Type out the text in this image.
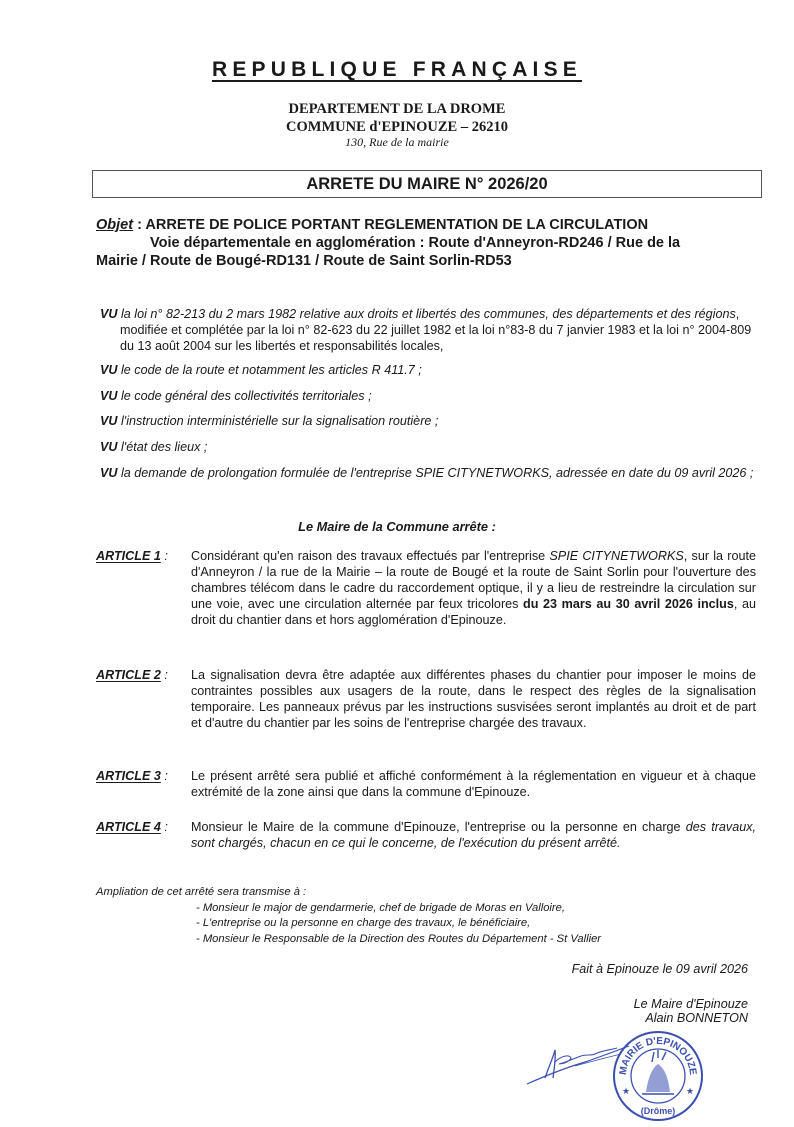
REPUBLIQUE FRANÇAISE
DEPARTEMENT DE LA DROME
COMMUNE d'EPINOUZE – 26210
130, Rue de la mairie
ARRETE DU MAIRE N° 2026/20
Objet : ARRETE DE POLICE PORTANT REGLEMENTATION DE LA CIRCULATION
Voie départementale en agglomération : Route d'Anneyron-RD246 / Rue de la
Mairie / Route de Bougé-RD131 / Route de Saint Sorlin-RD53

VU la loi n° 82-213 du 2 mars 1982 relative aux droits et libertés des communes, des départements et des régions, modifiée et complétée par la loi n° 82-623 du 22 juillet 1982 et la loi n°83-8 du 7 janvier 1983 et la loi n° 2004-809 du 13 août 2004 sur les libertés et responsabilités locales,

VU le code de la route et notamment les articles R 411.7 ;

VU le code général des collectivités territoriales ;

VU l'instruction interministérielle sur la signalisation routière ;

VU l'état des lieux ;

VU la demande de prolongation formulée de l'entreprise SPIE CITYNETWORKS, adressée en date du 09 avril 2026 ;

Le Maire de la Commune arrête :
ARTICLE 1 :	Considérant qu'en raison des travaux effectués par l'entreprise SPIE CITYNETWORKS, sur la route d'Anneyron / la rue de la Mairie – la route de Bougé et la route de Saint Sorlin pour l'ouverture des chambres télécom dans le cadre du raccordement optique, il y a lieu de restreindre la circulation sur une voie, avec une circulation alternée par feux tricolores du 23 mars au 30 avril 2026 inclus, au droit du chantier dans et hors agglomération d'Epinouze.
ARTICLE 2 :	La signalisation devra être adaptée aux différentes phases du chantier pour imposer le moins de contraintes possibles aux usagers de la route, dans le respect des règles de la signalisation temporaire. Les panneaux prévus par les instructions susvisées seront implantés au droit et de part et d'autre du chantier par les soins de l'entreprise chargée des travaux.
ARTICLE 3 :	Le présent arrêté sera publié et affiché conformément à la réglementation en vigueur et à chaque extrémité de la zone ainsi que dans la commune d'Epinouze.
ARTICLE 4 :	Monsieur le Maire de la commune d'Epinouze, l'entreprise ou la personne en charge des travaux, sont chargés, chacun en ce qui le concerne, de l'exécution du présent arrêté.
Ampliation de cet arrêté sera transmise à :
- Monsieur le major de gendarmerie, chef de brigade de Moras en Valloire,
- L'entreprise ou la personne en charge des travaux, le bénéficiaire,
- Monsieur le Responsable de la Direction des Routes du Département - St Vallier
Fait à Epinouze le 09 avril 2026
Le Maire d'Epinouze
Alain BONNETON
MAIRIE D'EPINOUZE
(Drôme)
★	★
